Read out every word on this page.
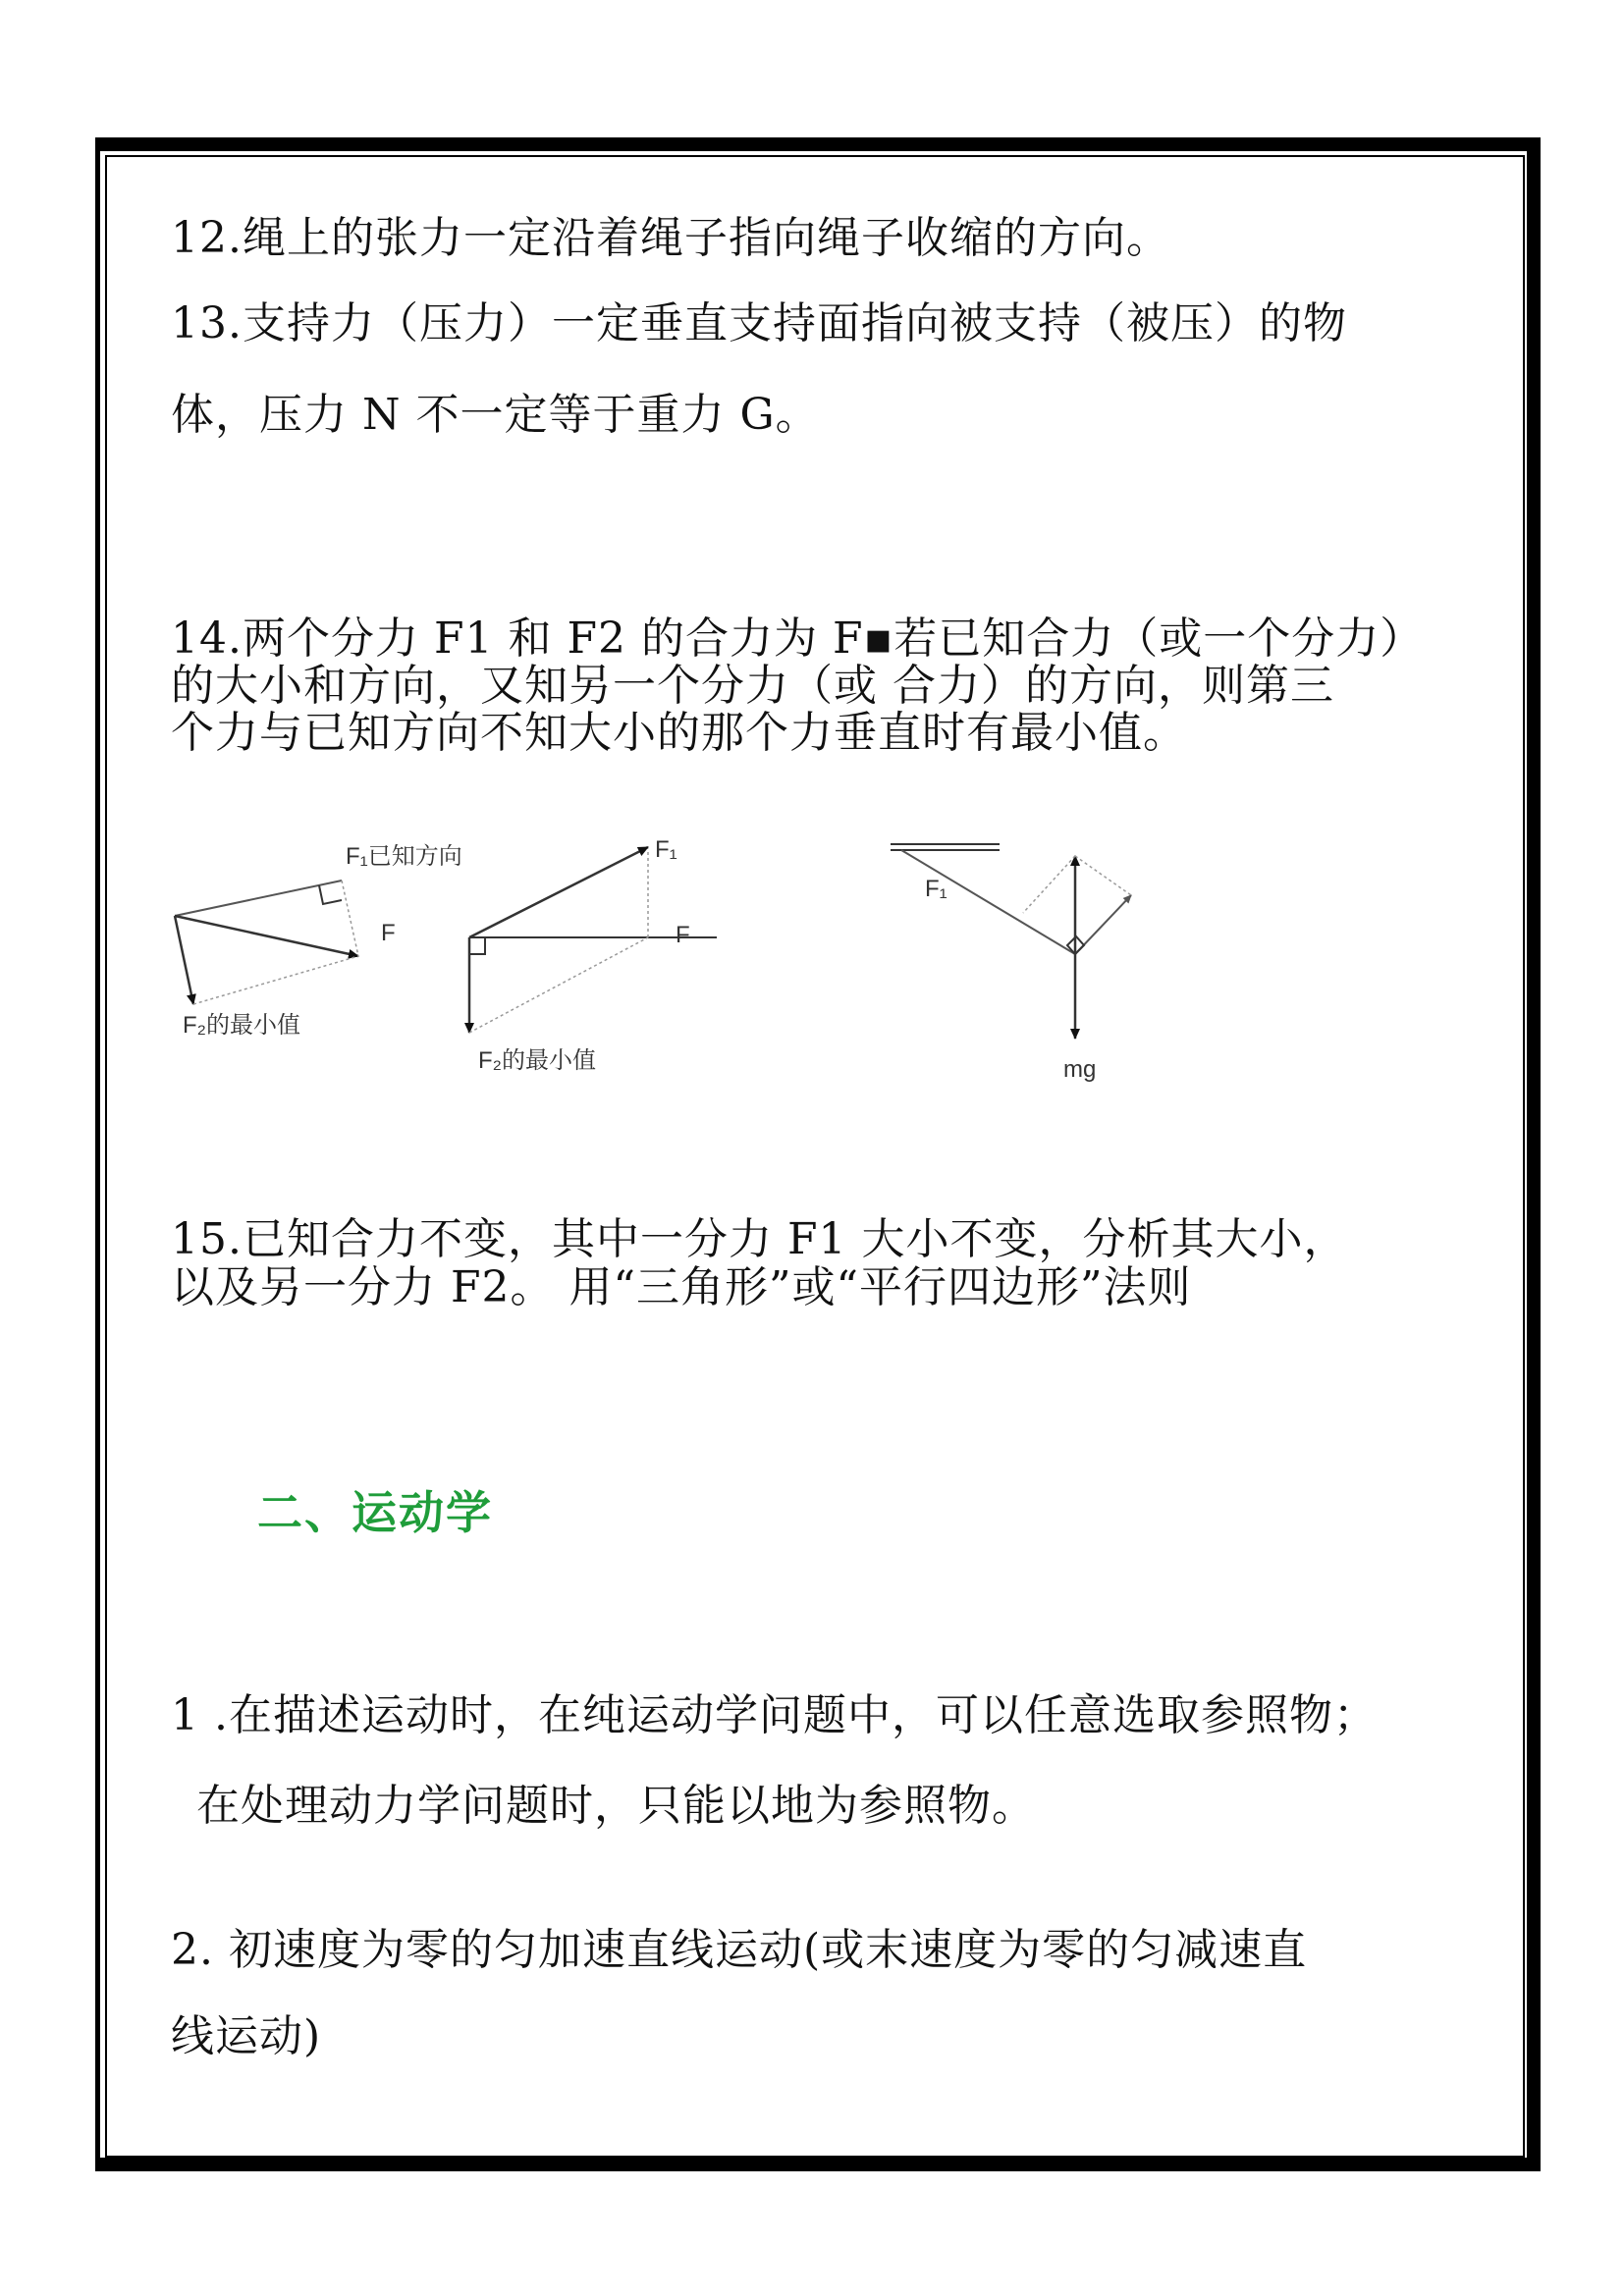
12.绳上的张力一定沿着绳子指向绳子收缩的方向。
13.支持力（压力）一定垂直支持面指向被支持（被压）的物
体，压力 N 不一定等于重力 G。
14.两个分力 F1 和 F2 的合力为 F▪若已知合力（或一个分力）
的大小和方向，又知另一个分力（或 合力）的方向，则第三
个力与已知方向不知大小的那个力垂直时有最小值。
F₁已知方向
F
F₂的最小值
F₁
F
F₂的最小值
F₁
mg
15.已知合力不变，其中一分力 F1 大小不变，分析其大小，
以及另一分力 F2。 用“三角形”或“平行四边形”法则
二、运动学
1 .在描述运动时，在纯运动学问题中，可以任意选取参照物；
在处理动力学问题时，只能以地为参照物。
2. 初速度为零的匀加速直线运动(或末速度为零的匀减速直
线运动)
